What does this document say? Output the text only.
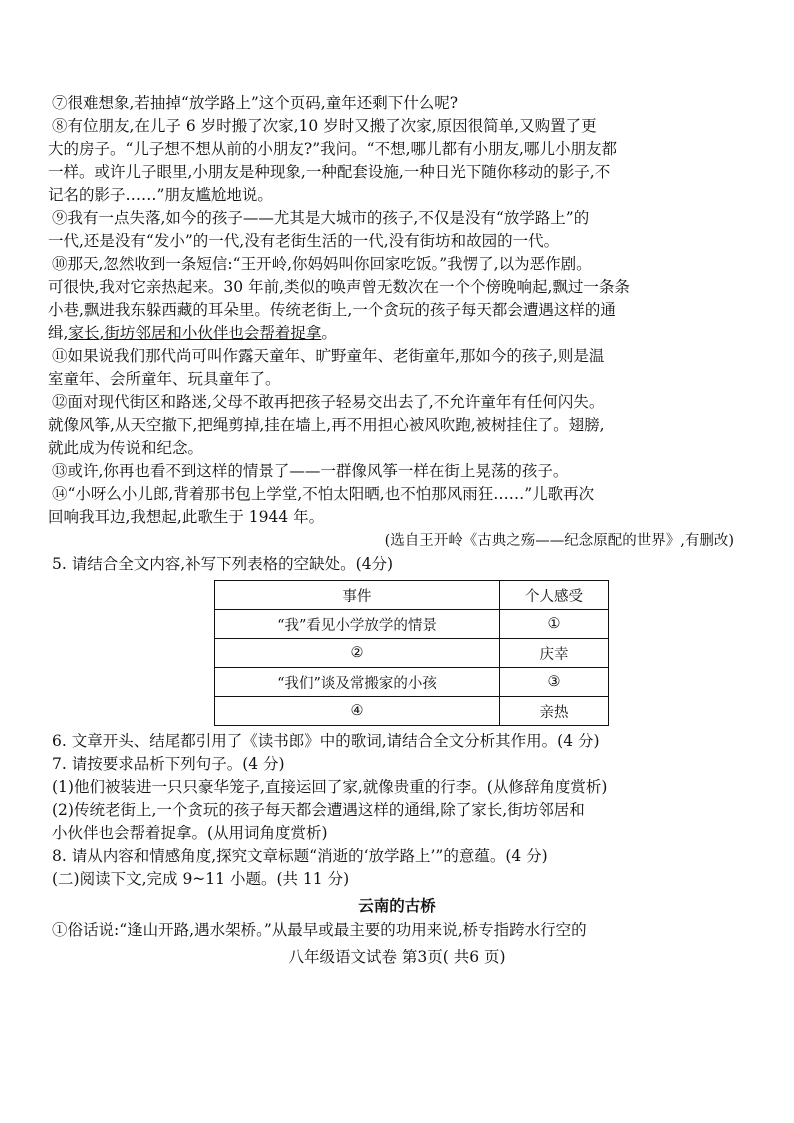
⑦很难想象,若抽掉“放学路上”这个页码,童年还剩下什么呢?

⑧有位朋友,在儿子 6 岁时搬了次家,10 岁时又搬了次家,原因很简单,又购置了更

大的房子。“儿子想不想从前的小朋友?”我问。“不想,哪儿都有小朋友,哪儿小朋友都

一样。或许儿子眼里,小朋友是种现象,一种配套设施,一种日光下随你移动的影子,不

记名的影子……”朋友尴尬地说。

⑨我有一点失落,如今的孩子——尤其是大城市的孩子,不仅是没有“放学路上”的

一代,还是没有“发小”的一代,没有老街生活的一代,没有街坊和故园的一代。

⑩那天,忽然收到一条短信:“王开岭,你妈妈叫你回家吃饭。”我愣了,以为恶作剧。

可很快,我对它亲热起来。30 年前,类似的唤声曾无数次在一个个傍晚响起,飘过一条条

小巷,飘进我东躲西藏的耳朵里。传统老街上,一个贪玩的孩子每天都会遭遇这样的通

缉,家长,街坊邻居和小伙伴也会帮着捉拿。

⑪如果说我们那代尚可叫作露天童年、旷野童年、老街童年,那如今的孩子,则是温

室童年、会所童年、玩具童年了。

⑫面对现代街区和路迷,父母不敢再把孩子轻易交出去了,不允许童年有任何闪失。

就像风筝,从天空撤下,把绳剪掉,挂在墙上,再不用担心被风吹跑,被树挂住了。翅膀,

就此成为传说和纪念。

⑬或许,你再也看不到这样的情景了——一群像风筝一样在街上晃荡的孩子。

⑭“小呀么小儿郎,背着那书包上学堂,不怕太阳晒,也不怕那风雨狂……”儿歌再次

回响我耳边,我想起,此歌生于 1944 年。

(选自王开岭《古典之殇——纪念原配的世界》,有删改)

5. 请结合全文内容,补写下列表格的空缺处。(4分)

事件	个人感受
“我”看见小学放学的情景	①
②	庆幸
“我们”谈及常搬家的小孩	③
④	亲热

6. 文章开头、结尾都引用了《读书郎》中的歌词,请结合全文分析其作用。(4 分)

7. 请按要求品析下列句子。(4 分)

(1)他们被装进一只只豪华笼子,直接运回了家,就像贵重的行李。(从修辞角度赏析)

(2)传统老街上,一个贪玩的孩子每天都会遭遇这样的通缉,除了家长,街坊邻居和

小伙伴也会帮着捉拿。(从用词角度赏析)

8. 请从内容和情感角度,探究文章标题“消逝的‘放学路上’”的意蕴。(4 分)

(二)阅读下文,完成 9~11 小题。(共 11 分)

云南的古桥

①俗话说:“逢山开路,遇水架桥。”从最早或最主要的功用来说,桥专指跨水行空的

八年级语文试卷 第3页( 共6 页)
